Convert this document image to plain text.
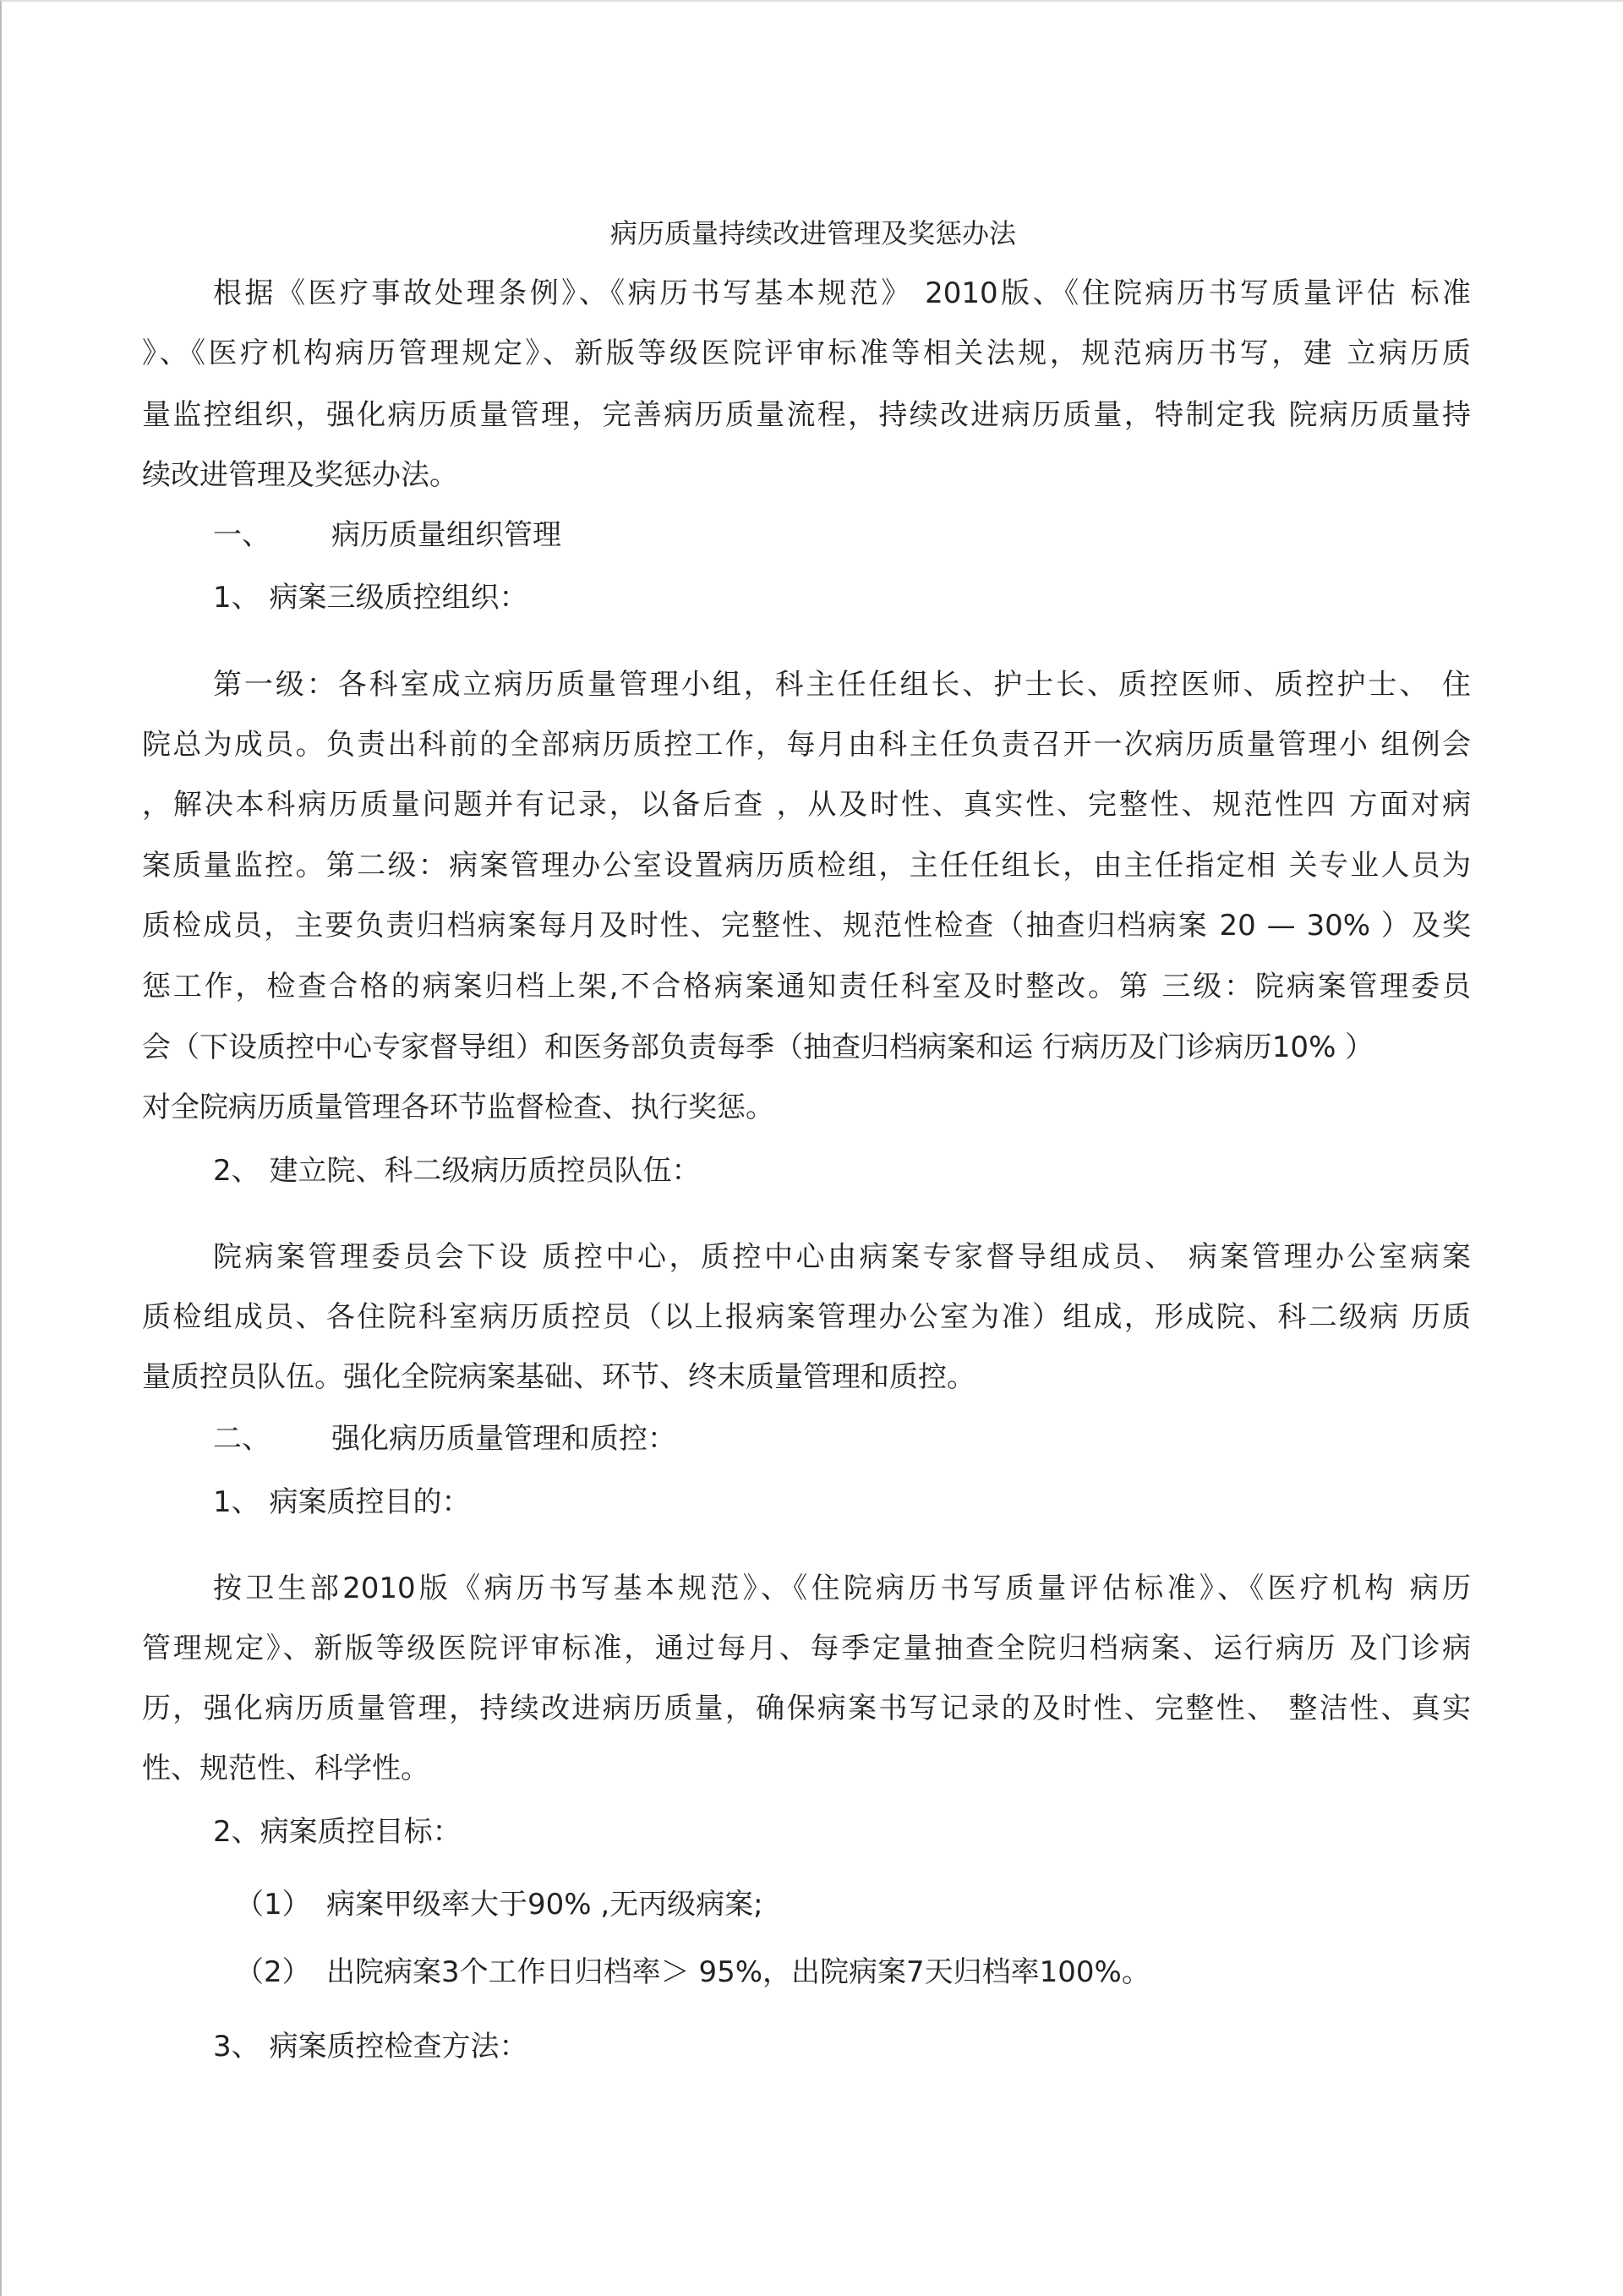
病历质量持续改进管理及奖惩办法
根据《医疗事故处理条例》、《病历书写基本规范》 2010版、《住院病历书写质量评估 标准
》、《医疗机构病历管理规定》、新版等级医院评审标准等相关法规，规范病历书写，建 立病历质
量监控组织，强化病历质量管理，完善病历质量流程，持续改进病历质量，特制定我 院病历质量持
续改进管理及奖惩办法。
一、 病历质量组织管理
1、 病案三级质控组织：
第一级：各科室成立病历质量管理小组，科主任任组长、护士长、质控医师、质控护士、 住
院总为成员。负责出科前的全部病历质控工作，每月由科主任负责召开一次病历质量管理小 组例会
，解决本科病历质量问题并有记录，以备后查 ，从及时性、真实性、完整性、规范性四 方面对病
案质量监控。第二级：病案管理办公室设置病历质检组，主任任组长，由主任指定相 关专业人员为
质检成员，主要负责归档病案每月及时性、完整性、规范性检查（抽查归档病案 20 — 30% ）及奖
惩工作，检查合格的病案归档上架,不合格病案通知责任科室及时整改。第 三级：院病案管理委员
会（下设质控中心专家督导组）和医务部负责每季（抽查归档病案和运 行病历及门诊病历10% ）
对全院病历质量管理各环节监督检查、执行奖惩。
2、 建立院、科二级病历质控员队伍：
院病案管理委员会下设 质控中心，质控中心由病案专家督导组成员、 病案管理办公室病案
质检组成员、各住院科室病历质控员（以上报病案管理办公室为准）组成，形成院、科二级病 历质
量质控员队伍。强化全院病案基础、环节、终末质量管理和质控。
二、 强化病历质量管理和质控：
1、 病案质控目的：
按卫生部2010版《病历书写基本规范》、《住院病历书写质量评估标准》、《医疗机构 病历
管理规定》、新版等级医院评审标准，通过每月、每季定量抽查全院归档病案、运行病历 及门诊病
历，强化病历质量管理，持续改进病历质量，确保病案书写记录的及时性、完整性、 整洁性、真实
性、规范性、科学性。
2、病案质控目标：
（1） 病案甲级率大于90% ,无丙级病案;
（2） 出院病案3个工作日归档率＞ 95%，出院病案7天归档率100%。
3、 病案质控检查方法：
